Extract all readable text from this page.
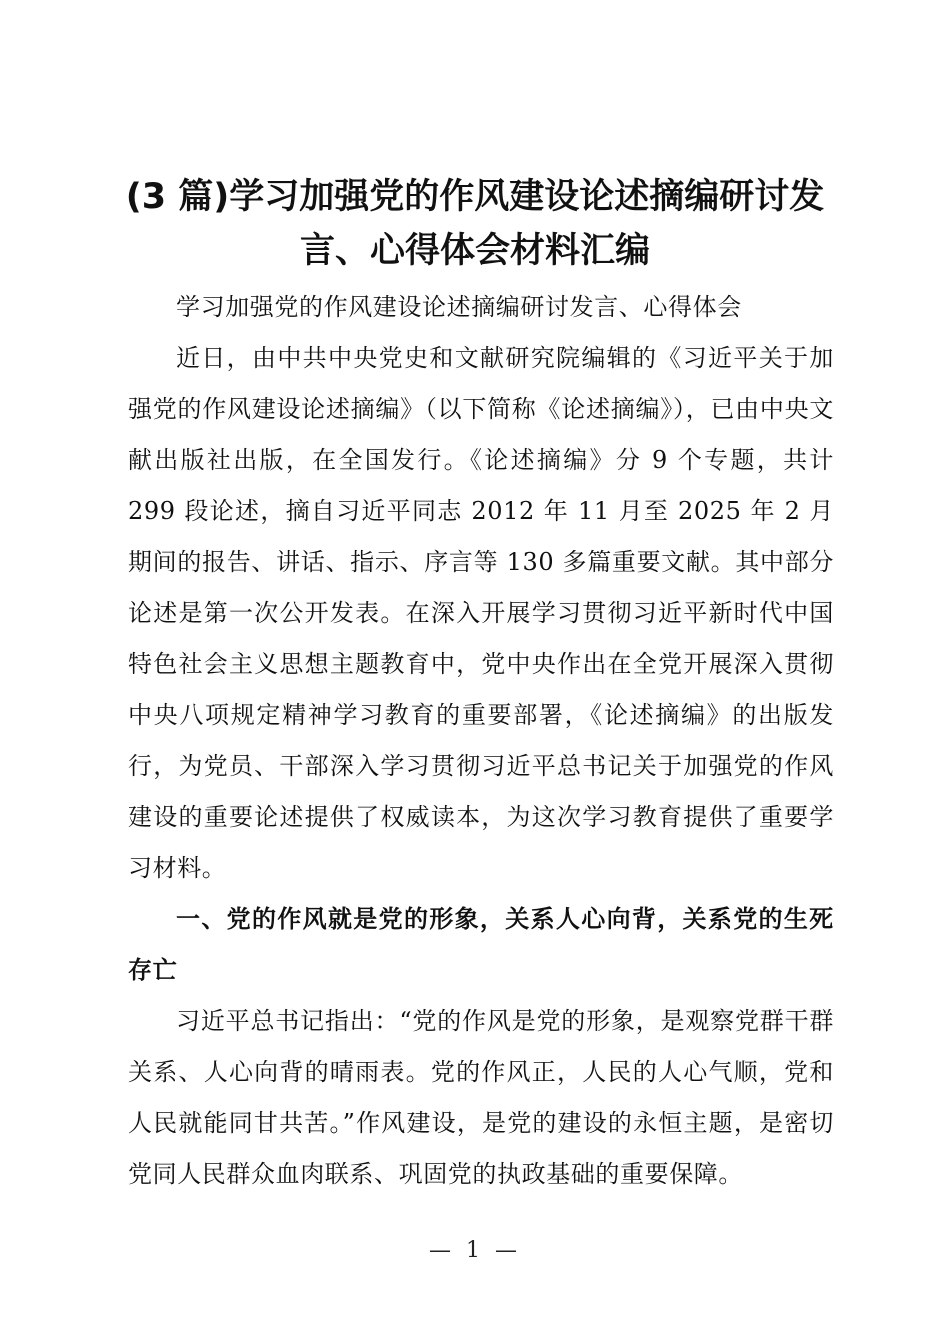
(3 篇)学习加强党的作风建设论述摘编研讨发
言、心得体会材料汇编

学习加强党的作风建设论述摘编研讨发言、心得体会

近日，由中共中央党史和文献研究院编辑的《习近平关于加强党的作风建设论述摘编》（以下简称《论述摘编》），已由中央文献出版社出版，在全国发行。《论述摘编》分 9 个专题，共计 299 段论述，摘自习近平同志 2012 年 11 月至 2025 年 2 月期间的报告、讲话、指示、序言等 130 多篇重要文献。其中部分论述是第一次公开发表。在深入开展学习贯彻习近平新时代中国特色社会主义思想主题教育中，党中央作出在全党开展深入贯彻中央八项规定精神学习教育的重要部署，《论述摘编》的出版发行，为党员、干部深入学习贯彻习近平总书记关于加强党的作风建设的重要论述提供了权威读本，为这次学习教育提供了重要学习材料。

一、党的作风就是党的形象，关系人心向背，关系党的生死存亡

习近平总书记指出：“党的作风是党的形象，是观察党群干群关系、人心向背的晴雨表。党的作风正，人民的人心气顺，党和人民就能同甘共苦。”作风建设，是党的建设的永恒主题，是密切党同人民群众血肉联系、巩固党的执政基础的重要保障。

— 1 —
